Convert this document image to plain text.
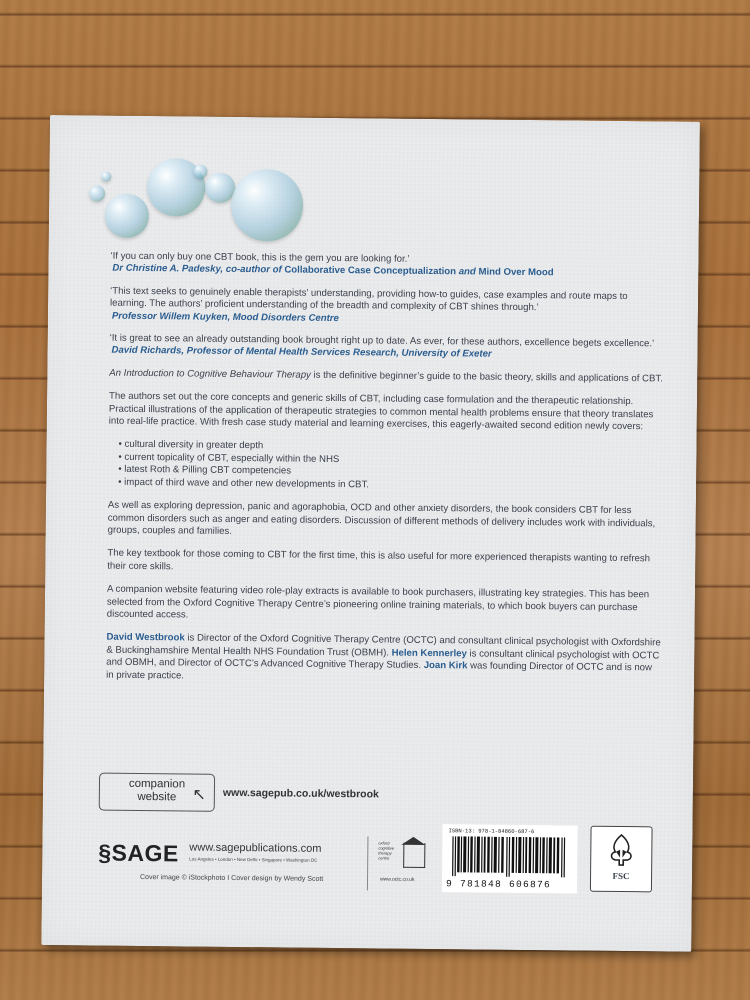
‘If you can only buy one CBT book, this is the gem you are looking for.’
Dr Christine A. Padesky, co-author of Collaborative Case Conceptualization and Mind Over Mood
‘This text seeks to genuinely enable therapists’ understanding, providing how-to guides, case examples and route maps to learning. The authors’ proficient understanding of the breadth and complexity of CBT shines through.’
Professor Willem Kuyken, Mood Disorders Centre
‘It is great to see an already outstanding book brought right up to date. As ever, for these authors, excellence begets excellence.’
David Richards, Professor of Mental Health Services Research, University of Exeter

An Introduction to Cognitive Behaviour Therapy is the definitive beginner’s guide to the basic theory, skills and applications of CBT.

The authors set out the core concepts and generic skills of CBT, including case formulation and the therapeutic relationship. Practical illustrations of the application of therapeutic strategies to common mental health problems ensure that theory translates into real-life practice. With fresh case study material and learning exercises, this eagerly-awaited second edition newly covers:

• cultural diversity in greater depth
• current topicality of CBT, especially within the NHS
• latest Roth & Pilling CBT competencies
• impact of third wave and other new developments in CBT.

As well as exploring depression, panic and agoraphobia, OCD and other anxiety disorders, the book considers CBT for less common disorders such as anger and eating disorders. Discussion of different methods of delivery includes work with individuals, groups, couples and families.

The key textbook for those coming to CBT for the first time, this is also useful for more experienced therapists wanting to refresh their core skills.

A companion website featuring video role-play extracts is available to book purchasers, illustrating key strategies. This has been selected from the Oxford Cognitive Therapy Centre’s pioneering online training materials, to which book buyers can purchase discounted access.

David Westbrook is Director of the Oxford Cognitive Therapy Centre (OCTC) and consultant clinical psychologist with Oxfordshire & Buckinghamshire Mental Health NHS Foundation Trust (OBMH). Helen Kennerley is consultant clinical psychologist with OCTC and OBMH, and Director of OCTC’s Advanced Cognitive Therapy Studies. Joan Kirk was founding Director of OCTC and is now in private practice.

companion
website ↖ www.sagepub.co.uk/westbrook
§SAGE www.sagepublications.com
Los Angeles • London • New Delhi • Singapore • Washington DC
Cover image © iStockphoto I Cover design by Wendy Scott
oxford cognitive therapy centre
www.octc.co.uk
ISBN-13: 978-1-84860-687-6
9 781848 606876
FSC
